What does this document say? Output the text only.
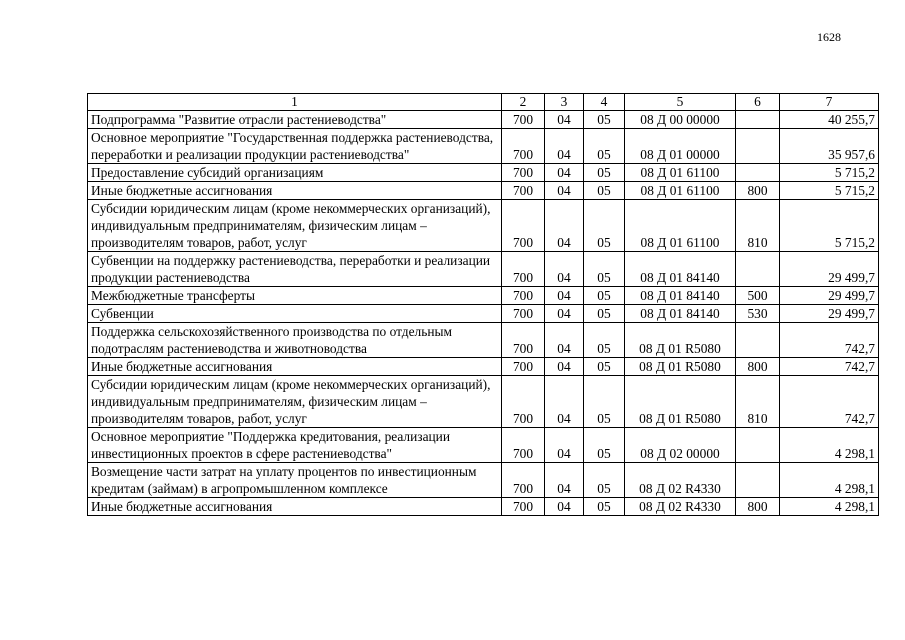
1628
1	2	3	4	5	6	7
Подпрограмма "Развитие отрасли растениеводства"	700	04	05	08 Д 00 00000		40 255,7
Основное мероприятие "Государственная поддержка растениеводства, переработки и реализации продукции растениеводства"	700	04	05	08 Д 01 00000		35 957,6
Предоставление субсидий организациям	700	04	05	08 Д 01 61100		5 715,2
Иные бюджетные ассигнования	700	04	05	08 Д 01 61100	800	5 715,2
Субсидии юридическим лицам (кроме некоммерческих организаций), индивидуальным предпринимателям, физическим лицам – производителям товаров, работ, услуг	700	04	05	08 Д 01 61100	810	5 715,2
Субвенции на поддержку растениеводства, переработки и реализации продукции растениеводства	700	04	05	08 Д 01 84140		29 499,7
Межбюджетные трансферты	700	04	05	08 Д 01 84140	500	29 499,7
Субвенции	700	04	05	08 Д 01 84140	530	29 499,7
Поддержка сельскохозяйственного производства по отдельным подотраслям растениеводства и животноводства	700	04	05	08 Д 01 R5080		742,7
Иные бюджетные ассигнования	700	04	05	08 Д 01 R5080	800	742,7
Субсидии юридическим лицам (кроме некоммерческих организаций), индивидуальным предпринимателям, физическим лицам – производителям товаров, работ, услуг	700	04	05	08 Д 01 R5080	810	742,7
Основное мероприятие "Поддержка кредитования, реализации инвестиционных проектов в сфере растениеводства"	700	04	05	08 Д 02 00000		4 298,1
Возмещение части затрат на уплату процентов по инвестиционным кредитам (займам) в агропромышленном комплексе	700	04	05	08 Д 02 R4330		4 298,1
Иные бюджетные ассигнования	700	04	05	08 Д 02 R4330	800	4 298,1
